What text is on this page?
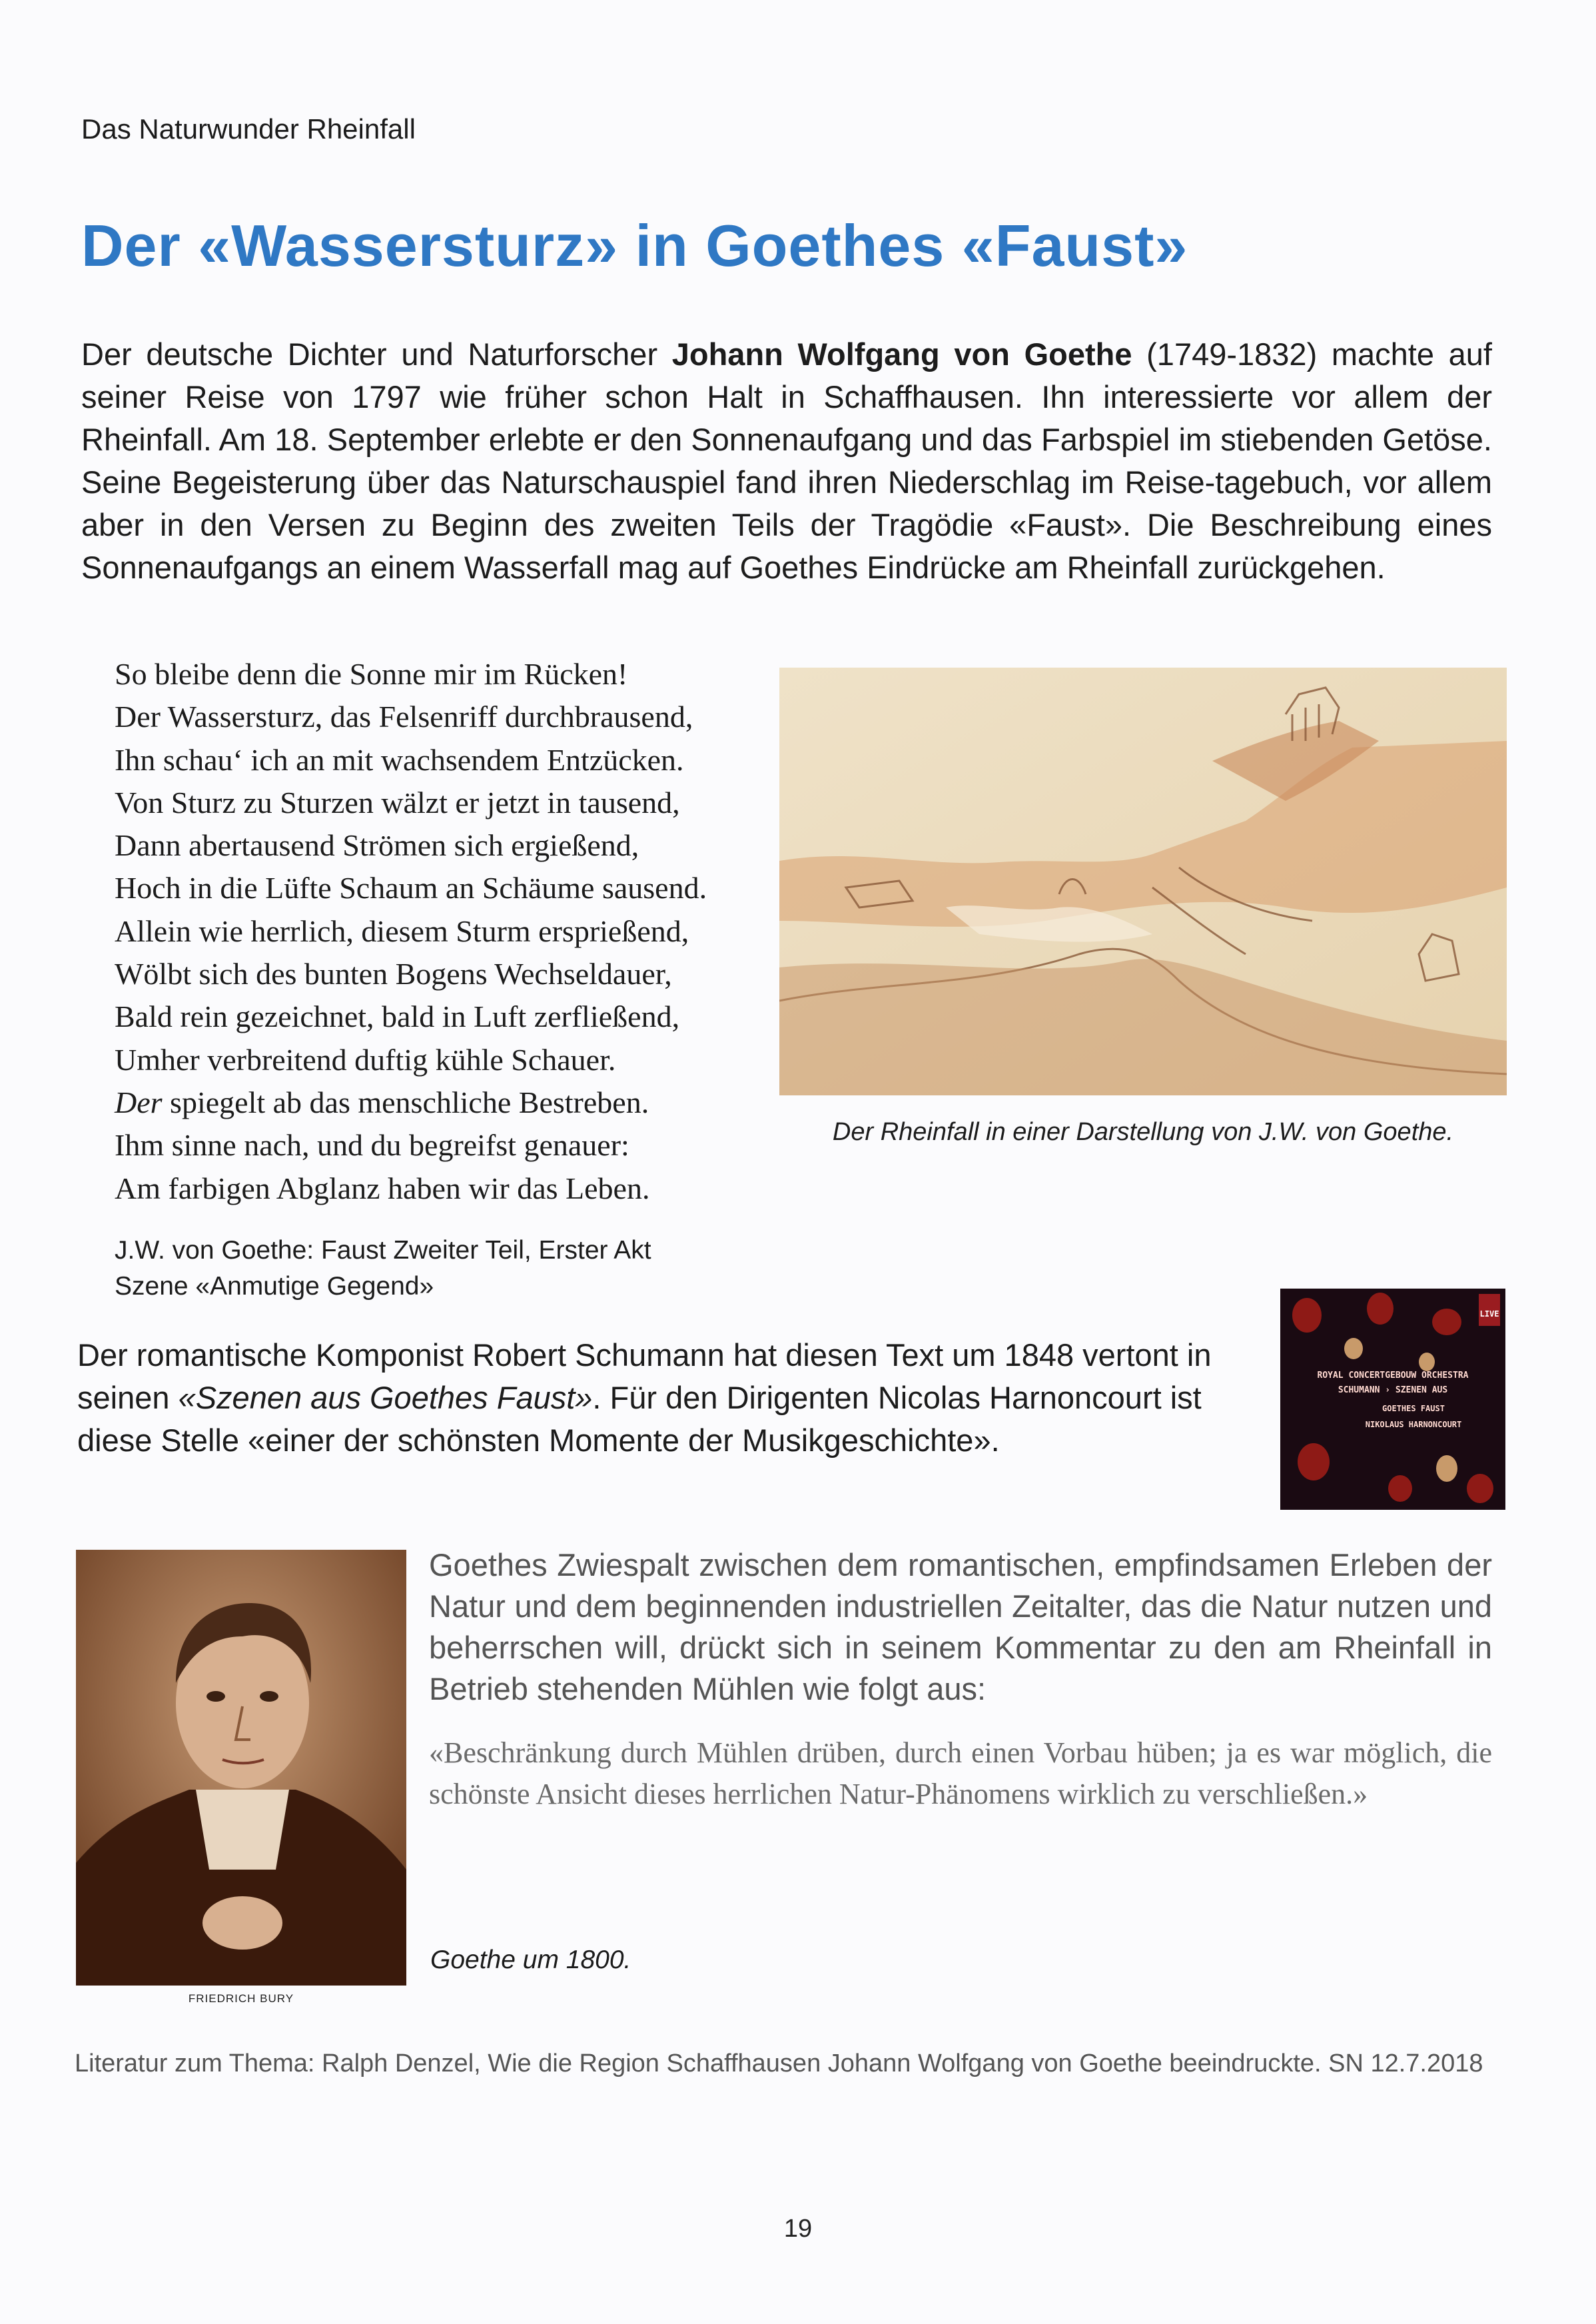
Das Naturwunder Rheinfall
Der «Wassersturz» in Goethes «Faust»
Der deutsche Dichter und Naturforscher Johann Wolfgang von Goethe (1749-1832) machte auf seiner Reise von 1797 wie früher schon Halt in Schaffhausen. Ihn interessierte vor allem der Rheinfall. Am 18. September erlebte er den Sonnenaufgang und das Farbspiel im stiebenden Getöse. Seine Begeisterung über das Naturschauspiel fand ihren Niederschlag im Reise-tagebuch, vor allem aber in den Versen zu Beginn des zweiten Teils der Tragödie «Faust». Die Beschreibung eines Sonnenaufgangs an einem Wasserfall mag auf Goethes Eindrücke am Rheinfall zurückgehen.
So bleibe denn die Sonne mir im Rücken!
Der Wassersturz, das Felsenriff durchbrausend,
Ihn schau‘ ich an mit wachsendem Entzücken.
Von Sturz zu Sturzen wälzt er jetzt in tausend,
Dann abertausend Strömen sich ergießend,
Hoch in die Lüfte Schaum an Schäume sausend.
Allein wie herrlich, diesem Sturm ersprießend,
Wölbt sich des bunten Bogens Wechseldauer,
Bald rein gezeichnet, bald in Luft zerfließend,
Umher verbreitend duftig kühle Schauer.
Der spiegelt ab das menschliche Bestreben.
Ihm sinne nach, und du begreifst genauer:
Am farbigen Abglanz haben wir das Leben.
J.W. von Goethe: Faust Zweiter Teil, Erster Akt
Szene «Anmutige Gegend»
Der Rheinfall in einer Darstellung von J.W. von Goethe.
Der romantische Komponist Robert Schumann hat diesen Text um 1848 vertont in seinen «Szenen aus Goethes Faust». Für den Dirigenten Nicolas Harnoncourt ist diese Stelle «einer der schönsten Momente der Musikgeschichte».
LIVE
ROYAL CONCERTGEBOUW ORCHESTRA
SCHUMANN › SZENEN AUS
GOETHES FAUST
NIKOLAUS HARNONCOURT
FRIEDRICH BURY
Goethes Zwiespalt zwischen dem romantischen, empfindsamen Erleben der Natur und dem beginnenden industriellen Zeitalter, das die Natur nutzen und beherrschen will, drückt sich in seinem Kommentar zu den am Rheinfall in Betrieb stehenden Mühlen wie folgt aus:
«Beschränkung durch Mühlen drüben, durch einen Vorbau hüben; ja es war möglich, die schönste Ansicht dieses herrlichen Natur-Phänomens wirklich zu verschließen.»
Goethe um 1800.
Literatur zum Thema: Ralph Denzel, Wie die Region Schaffhausen Johann Wolfgang von Goethe beeindruckte. SN 12.7.2018
19
